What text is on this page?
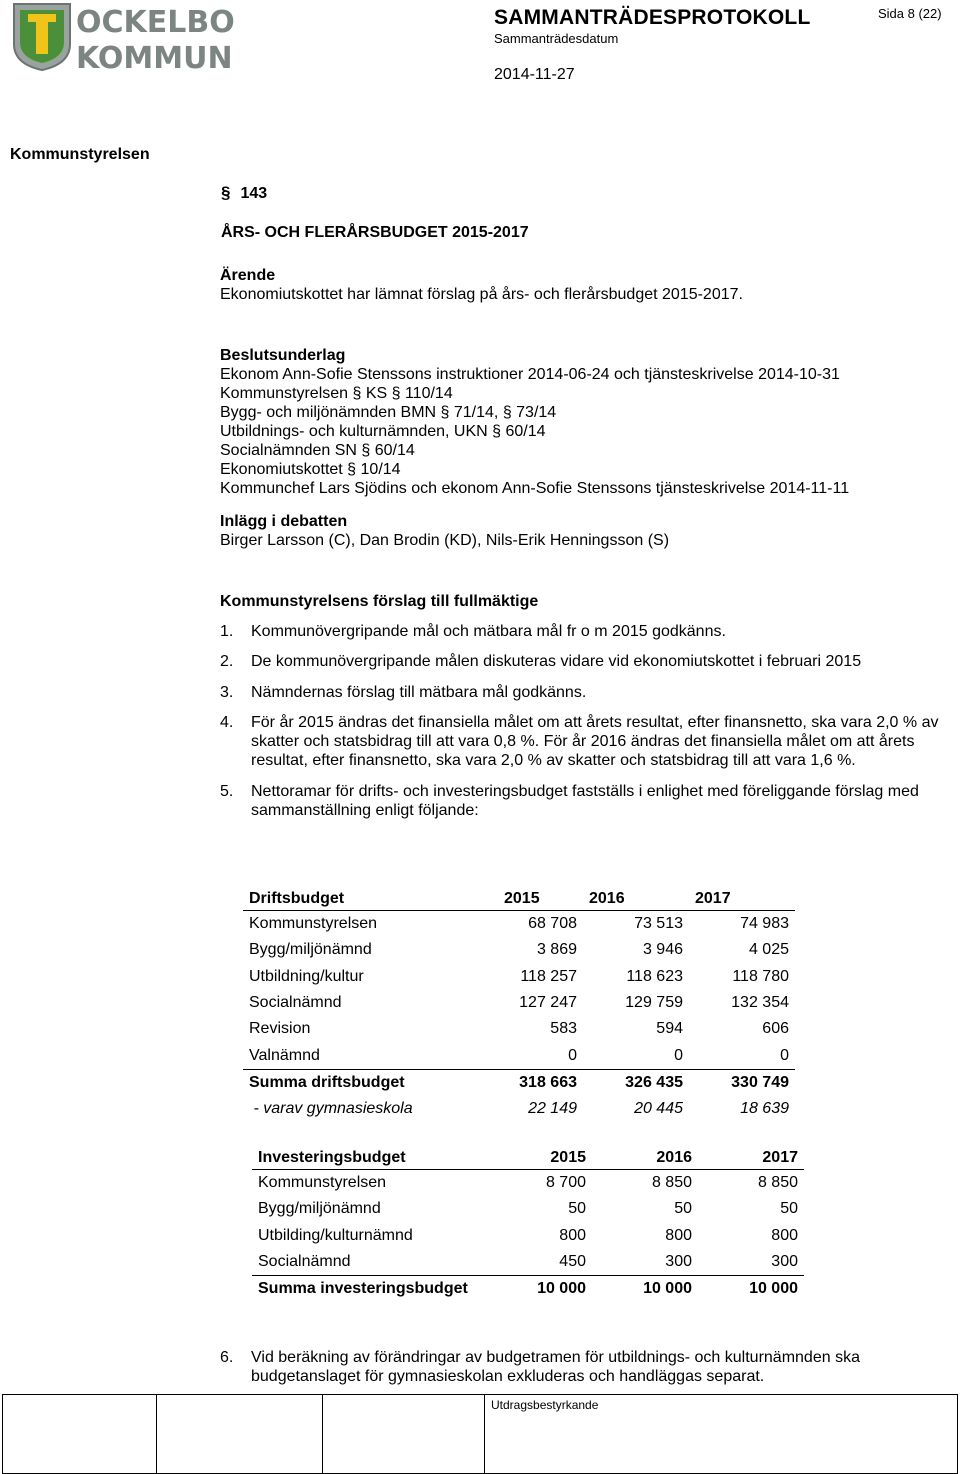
OCKELBO
KOMMUN
SAMMANTRÄDESPROTOKOLL	Sida 8 (22)
Sammanträdesdatum
2014-11-27
Kommunstyrelsen
§ 143
ÅRS- OCH FLERÅRSBUDGET 2015-2017
Ärende
Ekonomiutskottet har lämnat förslag på års- och flerårsbudget 2015-2017.
Beslutsunderlag
Ekonom Ann-Sofie Stenssons instruktioner 2014-06-24 och tjänsteskrivelse 2014-10-31
Kommunstyrelsen § KS § 110/14
Bygg- och miljönämnden BMN § 71/14, § 73/14
Utbildnings- och kulturnämnden, UKN § 60/14
Socialnämnden SN § 60/14
Ekonomiutskottet § 10/14
Kommunchef Lars Sjödins och ekonom Ann-Sofie Stenssons tjänsteskrivelse 2014-11-11
Inlägg i debatten
Birger Larsson (C), Dan Brodin (KD), Nils-Erik Henningsson (S)
Kommunstyrelsens förslag till fullmäktige
1. Kommunövergripande mål och mätbara mål fr o m 2015 godkänns.
2. De kommunövergripande målen diskuteras vidare vid ekonomiutskottet i februari 2015
3. Nämndernas förslag till mätbara mål godkänns.
4. För år 2015 ändras det finansiella målet om att årets resultat, efter finansnetto, ska vara 2,0 % av skatter och statsbidrag till att vara 0,8 %. För år 2016 ändras det finansiella målet om att årets resultat, efter finansnetto, ska vara 2,0 % av skatter och statsbidrag till att vara 1,6 %.
5. Nettoramar för drifts- och investeringsbudget fastställs i enlighet med föreliggande förslag med sammanställning enligt följande:
Driftsbudget	2015	2016	2017
Kommunstyrelsen	68 708	73 513	74 983
Bygg/miljönämnd	3 869	3 946	4 025
Utbildning/kultur	118 257	118 623	118 780
Socialnämnd	127 247	129 759	132 354
Revision	583	594	606
Valnämnd	0	0	0
Summa driftsbudget	318 663	326 435	330 749
- varav gymnasieskola	22 149	20 445	18 639
Investeringsbudget	2015	2016	2017
Kommunstyrelsen	8 700	8 850	8 850
Bygg/miljönämnd	50	50	50
Utbilding/kulturnämnd	800	800	800
Socialnämnd	450	300	300
Summa investeringsbudget	10 000	10 000	10 000
6. Vid beräkning av förändringar av budgetramen för utbildnings- och kulturnämnden ska budgetanslaget för gymnasieskolan exkluderas och handläggas separat.
Utdragsbestyrkande
